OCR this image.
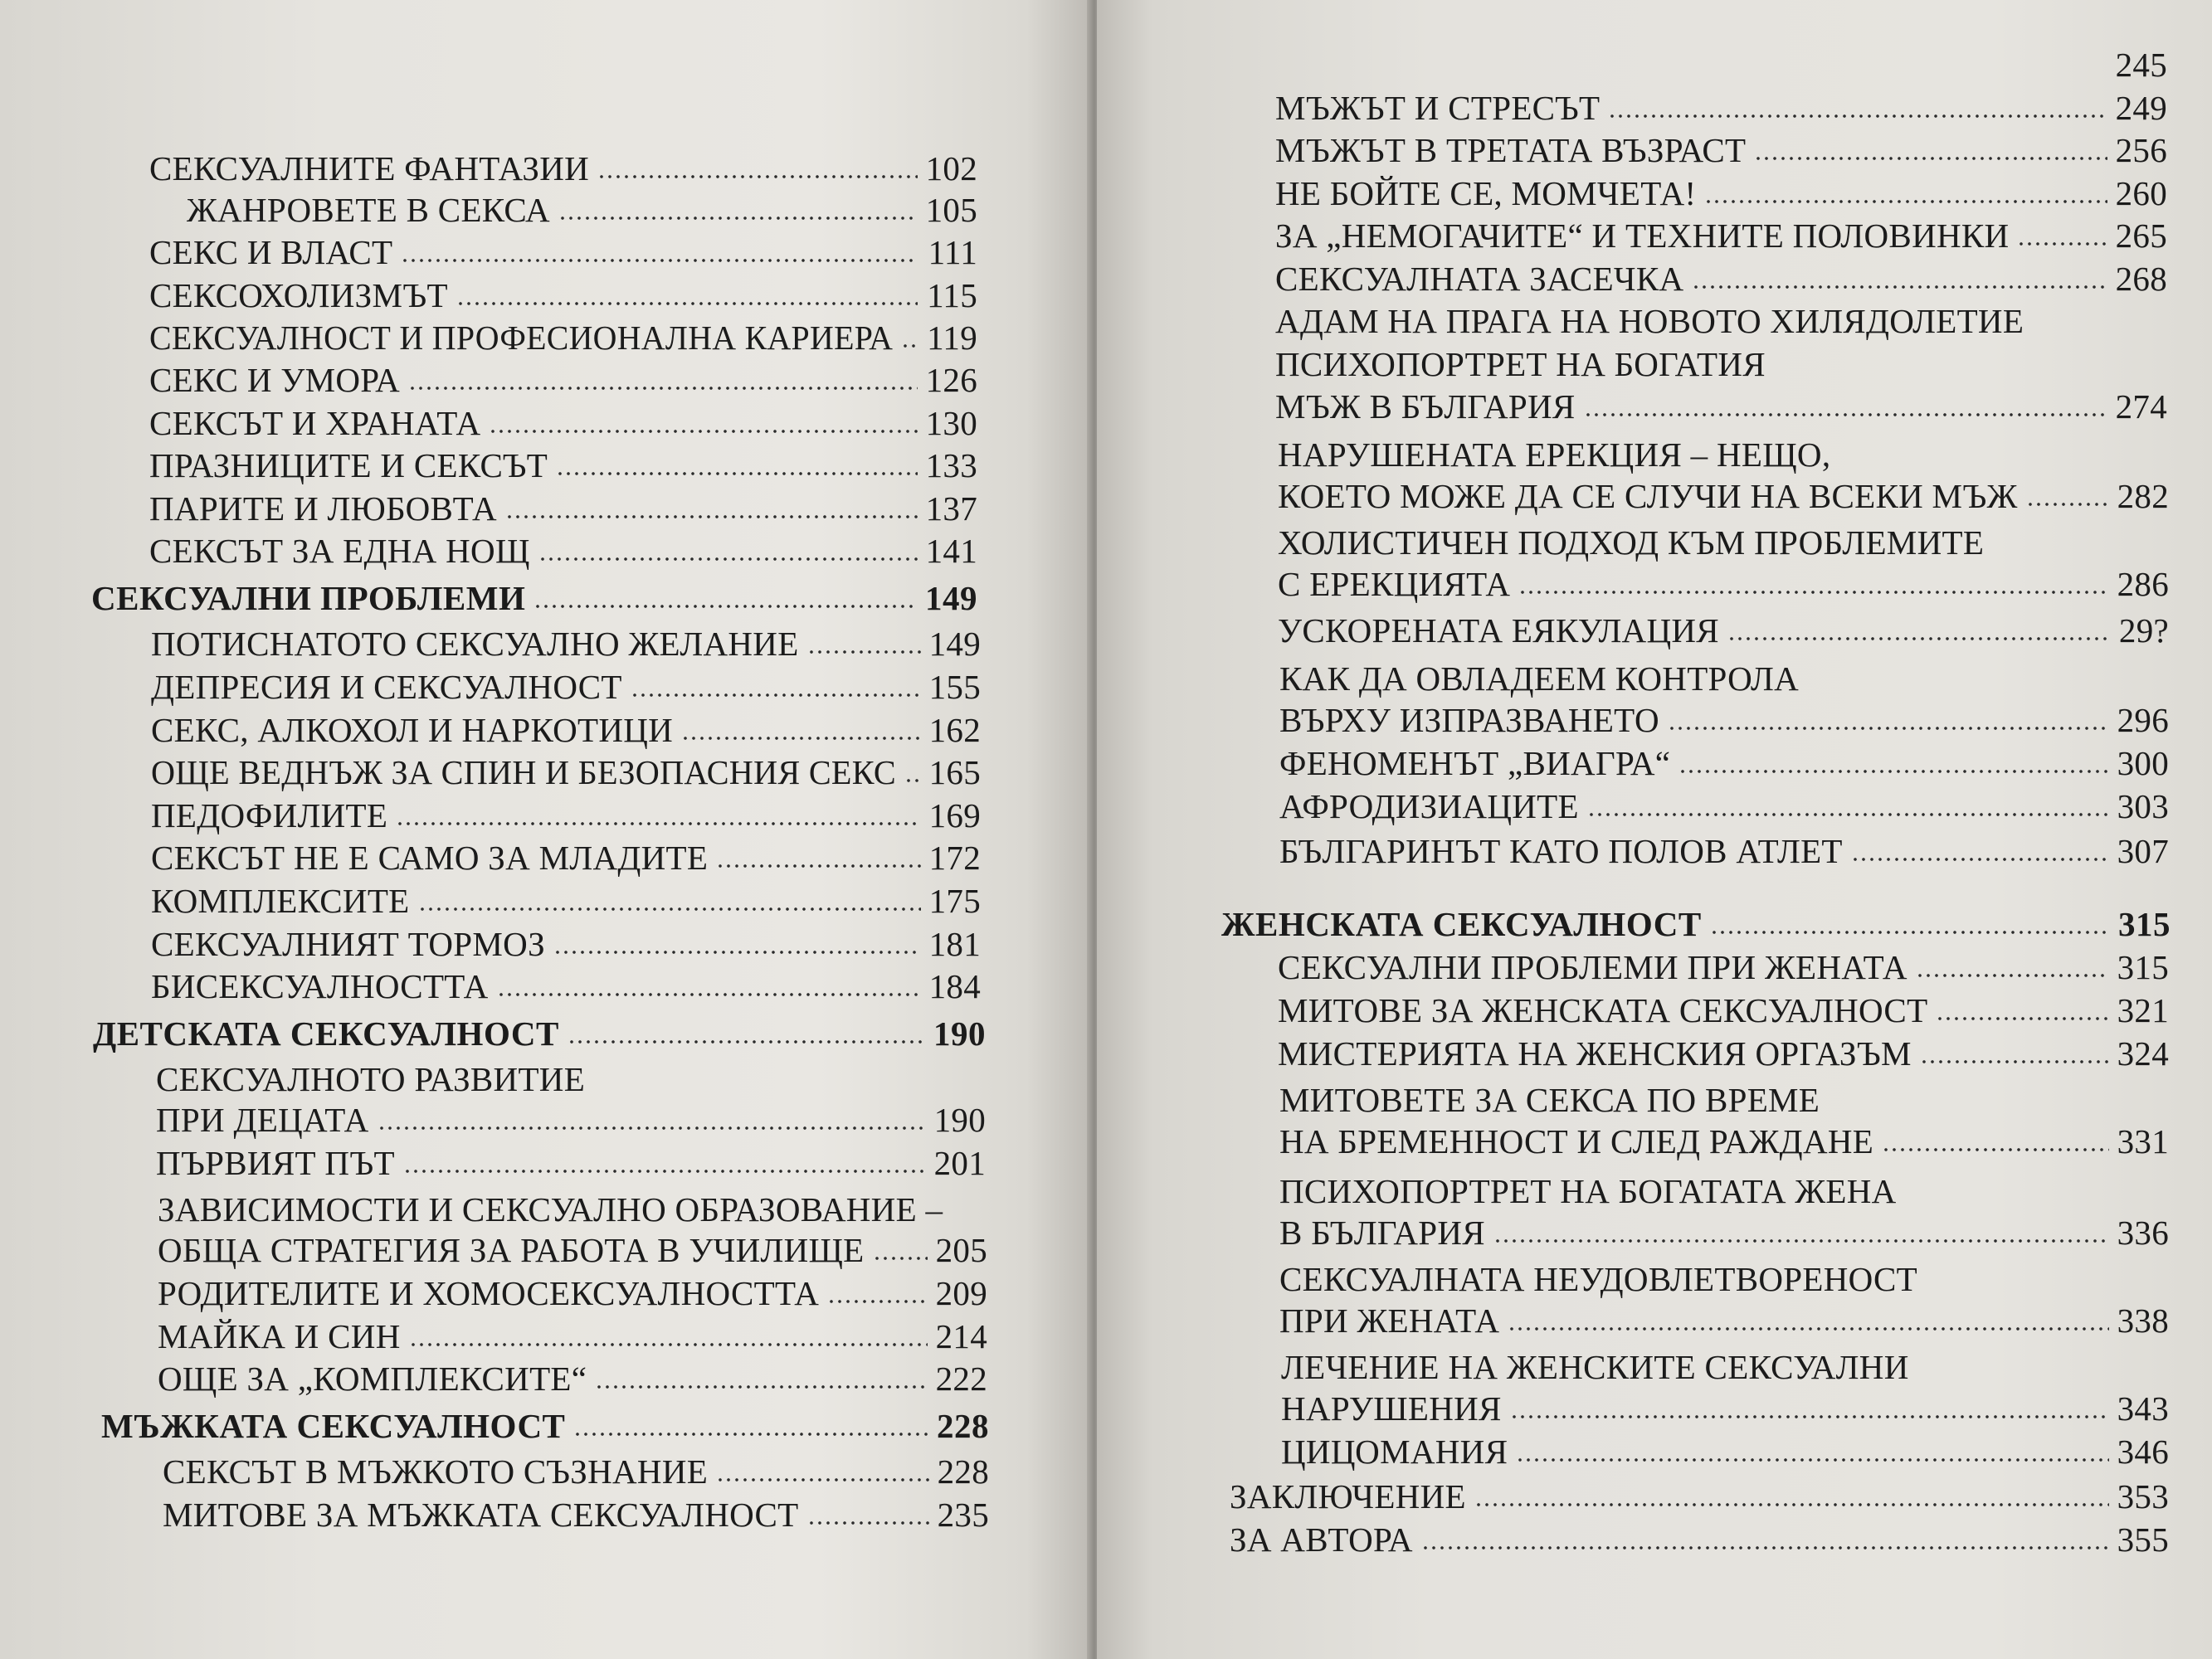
СЕКСУАЛНИТЕ ФАНТАЗИИ	102
ЖАНРОВЕТЕ В СЕКСА	105
СЕКС И ВЛАСТ	111
СЕКСОХОЛИЗМЪТ	115
СЕКСУАЛНОСТ И ПРОФЕСИОНАЛНА КАРИЕРА 119
СЕКС И УМОРА	126
СЕКСЪТ И ХРАНАТА	130
ПРАЗНИЦИТЕ И СЕКСЪТ	133
ПАРИТЕ И ЛЮБОВТА	137
СЕКСЪТ ЗА ЕДНА НОЩ	141
СЕКСУАЛНИ ПРОБЛЕМИ	149
ПОТИСНАТОТО СЕКСУАЛНО ЖЕЛАНИЕ	149
ДЕПРЕСИЯ И СЕКСУАЛНОСТ	155
СЕКС, АЛКОХОЛ И НАРКОТИЦИ	162
ОЩЕ ВЕДНЪЖ ЗА СПИН И БЕЗОПАСНИЯ СЕКС 165
ПЕДОФИЛИТЕ	169
СЕКСЪТ НЕ Е САМО ЗА МЛАДИТЕ	172
КОМПЛЕКСИТЕ	175
СЕКСУАЛНИЯТ ТОРМОЗ	181
БИСЕКСУАЛНОСТТА	184
ДЕТСКАТА СЕКСУАЛНОСТ	190
СЕКСУАЛНОТО РАЗВИТИЕ
ПРИ ДЕЦАТА	190
ПЪРВИЯТ ПЪТ	201
ЗАВИСИМОСТИ И СЕКСУАЛНО ОБРАЗОВАНИЕ –
ОБЩА СТРАТЕГИЯ ЗА РАБОТА В УЧИЛИЩЕ 205
РОДИТЕЛИТЕ И ХОМОСЕКСУАЛНОСТТА	209
МАЙКА И СИН	214
ОЩЕ ЗА „КОМПЛЕКСИТЕ“	222
МЪЖКАТА СЕКСУАЛНОСТ	228
СЕКСЪТ В МЪЖКОТО СЪЗНАНИЕ	228
МИТОВЕ ЗА МЪЖКАТА СЕКСУАЛНОСТ	235
245
МЪЖЪТ И СТРЕСЪТ	249
МЪЖЪТ В ТРЕТАТА ВЪЗРАСТ	256
НЕ БОЙТЕ СЕ, МОМЧЕТА!	260
ЗА „НЕМОГАЧИТЕ“ И ТЕХНИТЕ ПОЛОВИНКИ	265
СЕКСУАЛНАТА ЗАСЕЧКА	268
АДАМ НА ПРАГА НА НОВОТО ХИЛЯДОЛЕТИЕ
ПСИХОПОРТРЕТ НА БОГАТИЯ
МЪЖ В БЪЛГАРИЯ	274
НАРУШЕНАТА ЕРЕКЦИЯ – НЕЩО,
КОЕТО МОЖЕ ДА СЕ СЛУЧИ НА ВСЕКИ МЪЖ	282
ХОЛИСТИЧЕН ПОДХОД КЪМ ПРОБЛЕМИТЕ
С ЕРЕКЦИЯТА	286
УСКОРЕНАТА ЕЯКУЛАЦИЯ	29?
КАК ДА ОВЛАДЕЕМ КОНТРОЛА
ВЪРХУ ИЗПРАЗВАНЕТО	296
ФЕНОМЕНЪТ „ВИАГРА“	300
АФРОДИЗИАЦИТЕ	303
БЪЛГАРИНЪТ КАТО ПОЛОВ АТЛЕТ	307
ЖЕНСКАТА СЕКСУАЛНОСТ	315
СЕКСУАЛНИ ПРОБЛЕМИ ПРИ ЖЕНАТА	315
МИТОВЕ ЗА ЖЕНСКАТА СЕКСУАЛНОСТ	321
МИСТЕРИЯТА НА ЖЕНСКИЯ ОРГАЗЪМ	324
МИТОВЕТЕ ЗА СЕКСА ПО ВРЕМЕ
НА БРЕМЕННОСТ И СЛЕД РАЖДАНЕ	331
ПСИХОПОРТРЕТ НА БОГАТАТА ЖЕНА
В БЪЛГАРИЯ	336
СЕКСУАЛНАТА НЕУДОВЛЕТВОРЕНОСТ
ПРИ ЖЕНАТА	338
ЛЕЧЕНИЕ НА ЖЕНСКИТЕ СЕКСУАЛНИ
НАРУШЕНИЯ	343
ЦИЦОМАНИЯ	346
ЗАКЛЮЧЕНИЕ	353
ЗА АВТОРА	355
